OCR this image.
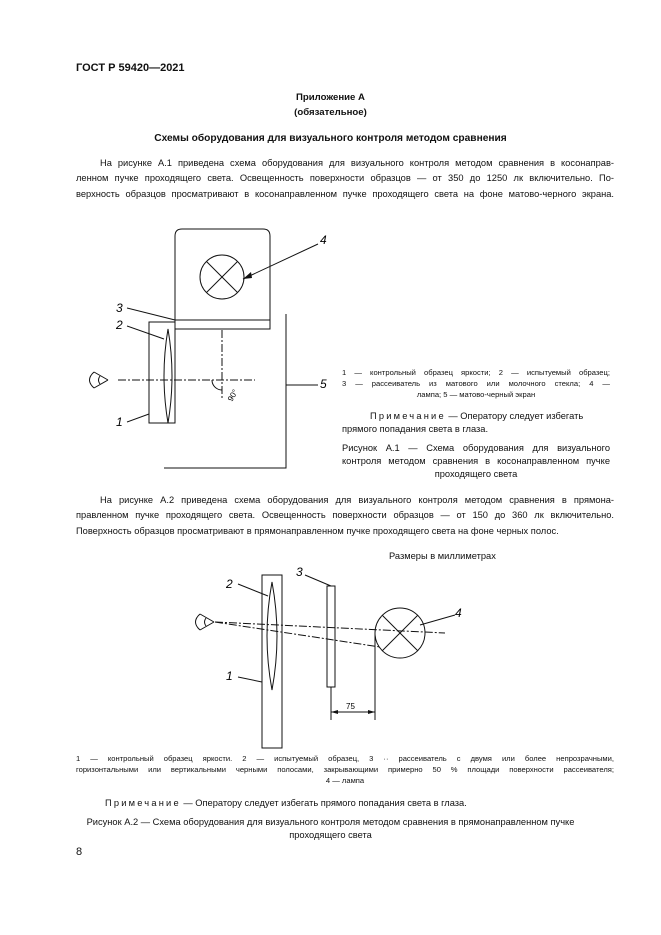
ГОСТ Р 59420—2021
Приложение А
(обязательное)
Схемы оборудования для визуального контроля методом сравнения
На рисунке А.1 приведена схема оборудования для визуального контроля методом сравнения в косонаправ-
ленном пучке проходящего света. Освещенность поверхности образцов — от 350 до 1250 лк включительно. По-
верхность образцов просматривают в косонаправленном пучке проходящего света на фоне матово-черного экрана.
4
3
2
1
5
90°
1 — контрольный образец яркости; 2 — испытуемый образец;
3 — рассеиватель из матового или молочного стекла; 4 —
лампа; 5 — матово-черный экран
Примечание — Оператору следует избегать
прямого попадания света в глаза.
Рисунок А.1 — Схема оборудования для визуального
контроля методом сравнения в косонаправленном пучке
проходящего света
На рисунке А.2 приведена схема оборудования для визуального контроля методом сравнения в прямона-
правленном пучке проходящего света. Освещенность поверхности образцов — от 150 до 360 лк включительно.
Поверхность образцов просматривают в прямонаправленном пучке проходящего света на фоне черных полос.
Размеры в миллиметрах
2
3
1
4
75
1 — контрольный образец яркости. 2 — испытуемый образец, 3 ·· рассеиватель с двумя или более непрозрачными,
горизонтальными или вертикальными черными полосами, закрывающими примерно 50 % площади поверхности рассеивателя;
4 — лампа
Примечание — Оператору следует избегать прямого попадания света в глаза.
Рисунок А.2 — Схема оборудования для визуального контроля методом сравнения в прямонаправленном пучке
проходящего света
8
